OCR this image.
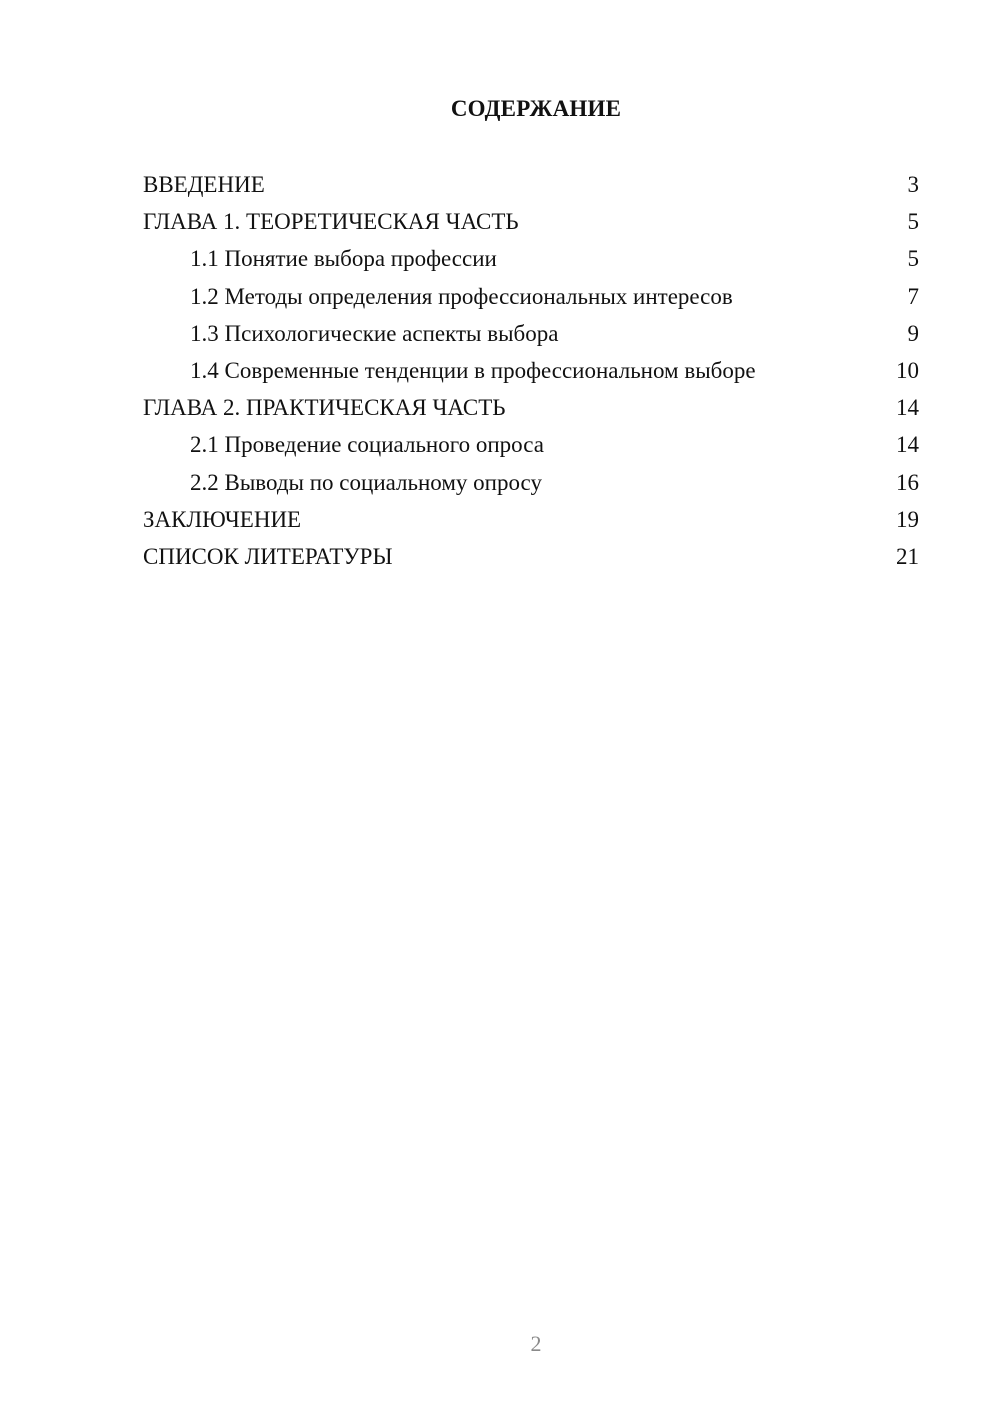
СОДЕРЖАНИЕ
ВВЕДЕНИЕ	3
ГЛАВА 1. ТЕОРЕТИЧЕСКАЯ ЧАСТЬ	5
1.1 Понятие выбора профессии	5
1.2 Методы определения профессиональных интересов	7
1.3 Психологические аспекты выбора	9
1.4 Современные тенденции в профессиональном выборе	10
ГЛАВА 2. ПРАКТИЧЕСКАЯ ЧАСТЬ	14
2.1 Проведение социального опроса	14
2.2 Выводы по социальному опросу	16
ЗАКЛЮЧЕНИЕ	19
СПИСОК ЛИТЕРАТУРЫ	21
2
